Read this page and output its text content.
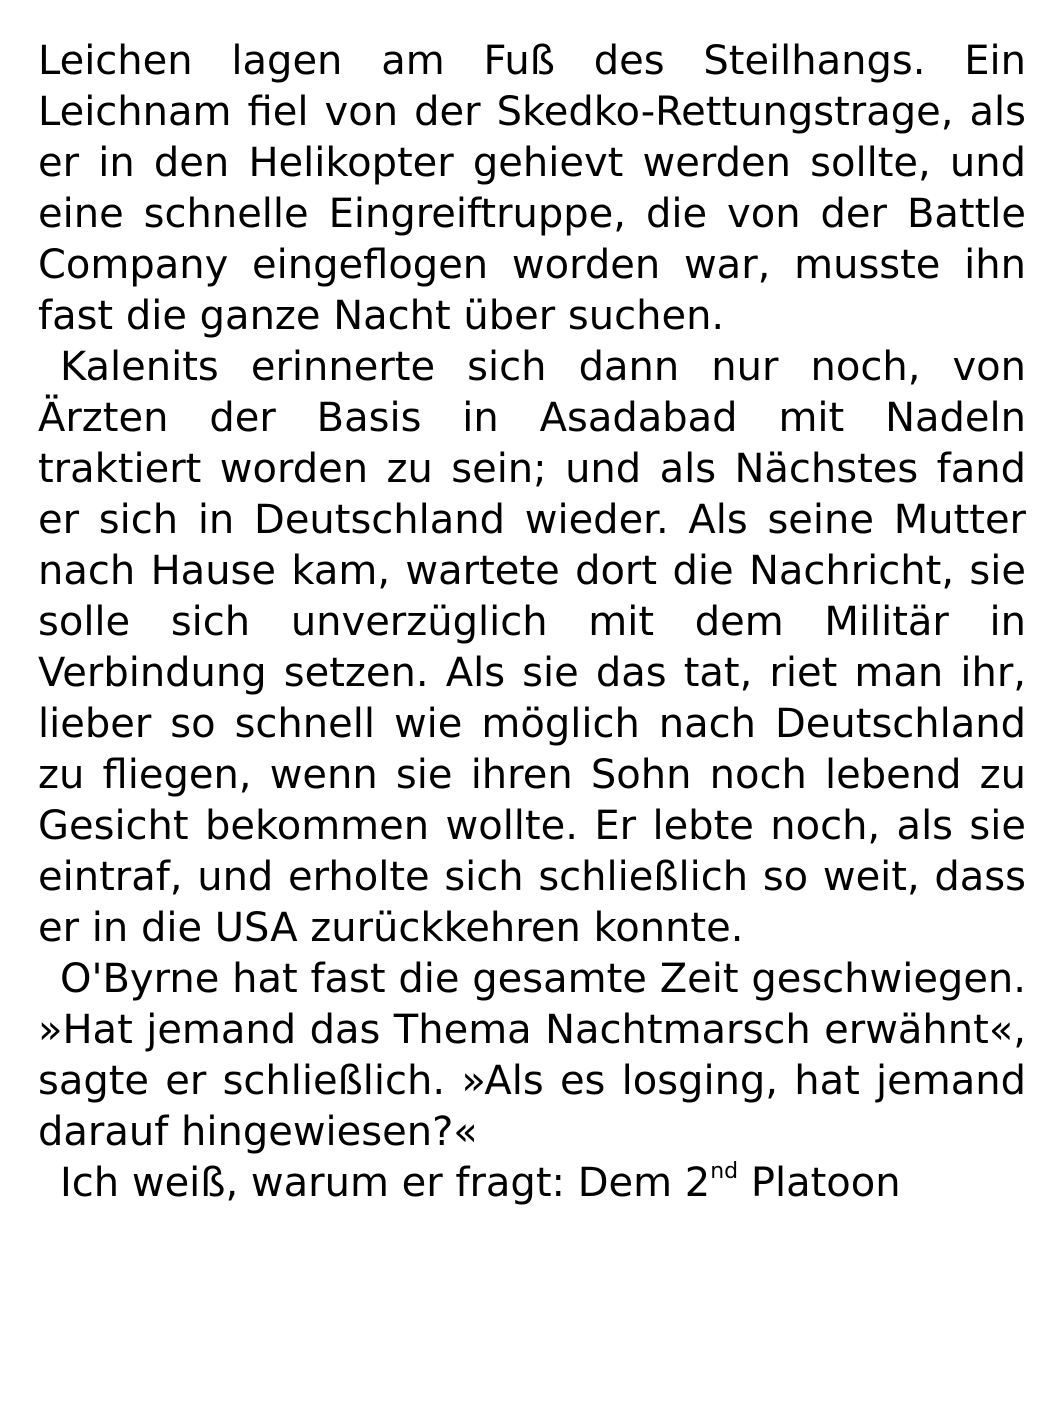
Leichen lagen am Fuß des Steilhangs. Ein Leichnam fiel von der Skedko-Rettungstrage, als er in den Helikopter gehievt werden sollte, und eine schnelle Eingreiftruppe, die von der Battle Company eingeflogen worden war, musste ihn fast die ganze Nacht über suchen.

Kalenits erinnerte sich dann nur noch, von Ärzten der Basis in Asadabad mit Nadeln traktiert worden zu sein; und als Nächstes fand er sich in Deutschland wieder. Als seine Mutter nach Hause kam, wartete dort die Nachricht, sie solle sich unverzüglich mit dem Militär in Verbindung setzen. Als sie das tat, riet man ihr, lieber so schnell wie möglich nach Deutschland zu fliegen, wenn sie ihren Sohn noch lebend zu Gesicht bekommen wollte. Er lebte noch, als sie eintraf, und erholte sich schließlich so weit, dass er in die USA zurückkehren konnte.

O'Byrne hat fast die gesamte Zeit geschwiegen. »Hat jemand das Thema Nachtmarsch erwähnt«, sagte er schließlich. »Als es losging, hat jemand darauf hingewiesen?«

Ich weiß, warum er fragt: Dem 2nd Platoon
